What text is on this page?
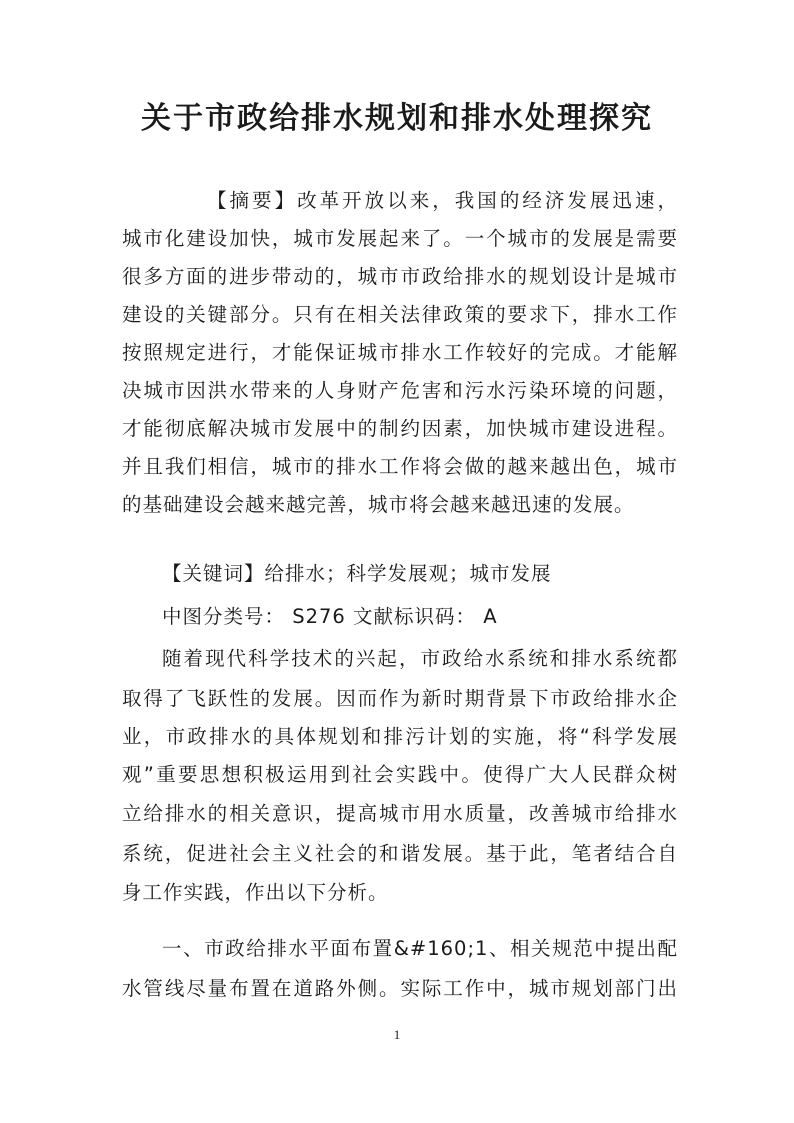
关于市政给排水规划和排水处理探究
【摘要】改革开放以来，我国的经济发展迅速，
城市化建设加快，城市发展起来了。一个城市的发展是需要
很多方面的进步带动的，城市市政给排水的规划设计是城市
建设的关键部分。只有在相关法律政策的要求下，排水工作
按照规定进行，才能保证城市排水工作较好的完成。才能解
决城市因洪水带来的人身财产危害和污水污染环境的问题，
才能彻底解决城市发展中的制约因素，加快城市建设进程。
并且我们相信，城市的排水工作将会做的越来越出色，城市
的基础建设会越来越完善，城市将会越来越迅速的发展。
【关键词】给排水；科学发展观；城市发展
中图分类号： S276 文献标识码： A
随着现代科学技术的兴起，市政给水系统和排水系统都
取得了飞跃性的发展。因而作为新时期背景下市政给排水企
业，市政排水的具体规划和排污计划的实施，将“科学发展
观”重要思想积极运用到社会实践中。使得广大人民群众树
立给排水的相关意识，提高城市用水质量，改善城市给排水
系统，促进社会主义社会的和谐发展。基于此，笔者结合自
身工作实践，作出以下分析。
一、市政给排水平面布置&#160;1、相关规范中提出配
水管线尽量布置在道路外侧。实际工作中，城市规划部门出
1
